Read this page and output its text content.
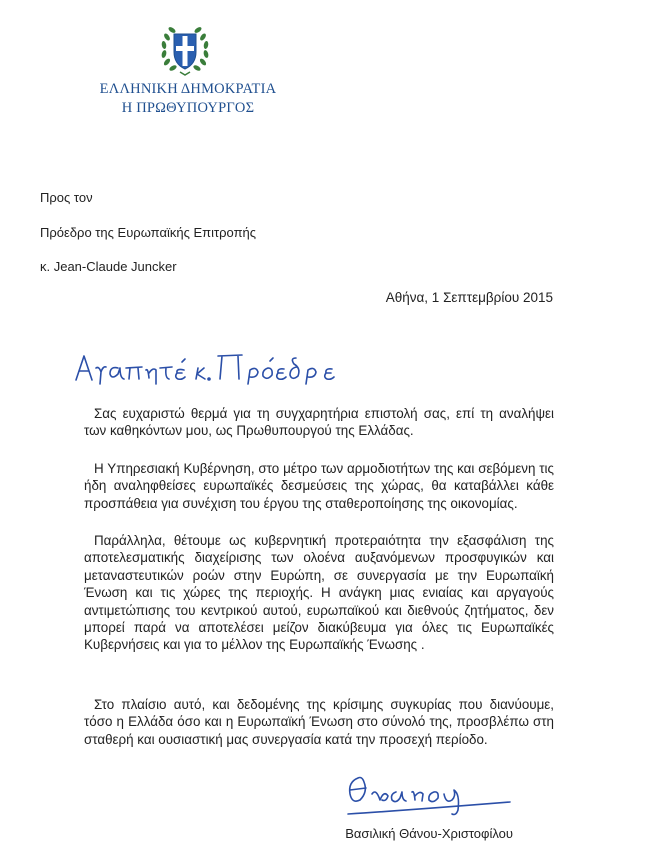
ΕΛΛΗΝΙΚΗ ΔΗΜΟΚΡΑΤΙΑ
Η ΠΡΩΘΥΠΟΥΡΓΟΣ
Προς τον
Πρόεδρο της Ευρωπαϊκής Επιτροπής
κ. Jean-Claude Juncker
Αθήνα, 1 Σεπτεμβρίου 2015

Σας ευχαριστώ θερμά για τη συγχαρητήρια επιστολή σας, επί τη αναλήψει των καθηκόντων μου, ως Πρωθυπουργού της Ελλάδας.

Η Υπηρεσιακή Κυβέρνηση, στο μέτρο των αρμοδιοτήτων της και σεβόμενη τις ήδη αναληφθείσες ευρωπαϊκές δεσμεύσεις της χώρας, θα καταβάλλει κάθε προσπάθεια για συνέχιση του έργου της σταθεροποίησης της οικονομίας.

Παράλληλα, θέτουμε ως κυβερνητική προτεραιότητα την εξασφάλιση της αποτελεσματικής διαχείρισης των ολοένα αυξανόμενων προσφυγικών και μεταναστευτικών ροών στην Ευρώπη, σε συνεργασία με την Ευρωπαϊκή Ένωση και τις χώρες της περιοχής. Η ανάγκη μιας ενιαίας και αργαγούς αντιμετώπισης του κεντρικού αυτού, ευρωπαϊκού και διεθνούς ζητήματος, δεν μπορεί παρά να αποτελέσει μείζον διακύβευμα για όλες τις Ευρωπαϊκές Κυβερνήσεις και για το μέλλον της Ευρωπαϊκής Ένωσης .

Στο πλαίσιο αυτό, και δεδομένης της κρίσιμης συγκυρίας που διανύουμε, τόσο η Ελλάδα όσο και η Ευρωπαϊκή Ένωση στο σύνολό της, προσβλέπω στη σταθερή και ουσιαστική μας συνεργασία κατά την προσεχή περίοδο.

Βασιλική Θάνου-Χριστοφίλου
